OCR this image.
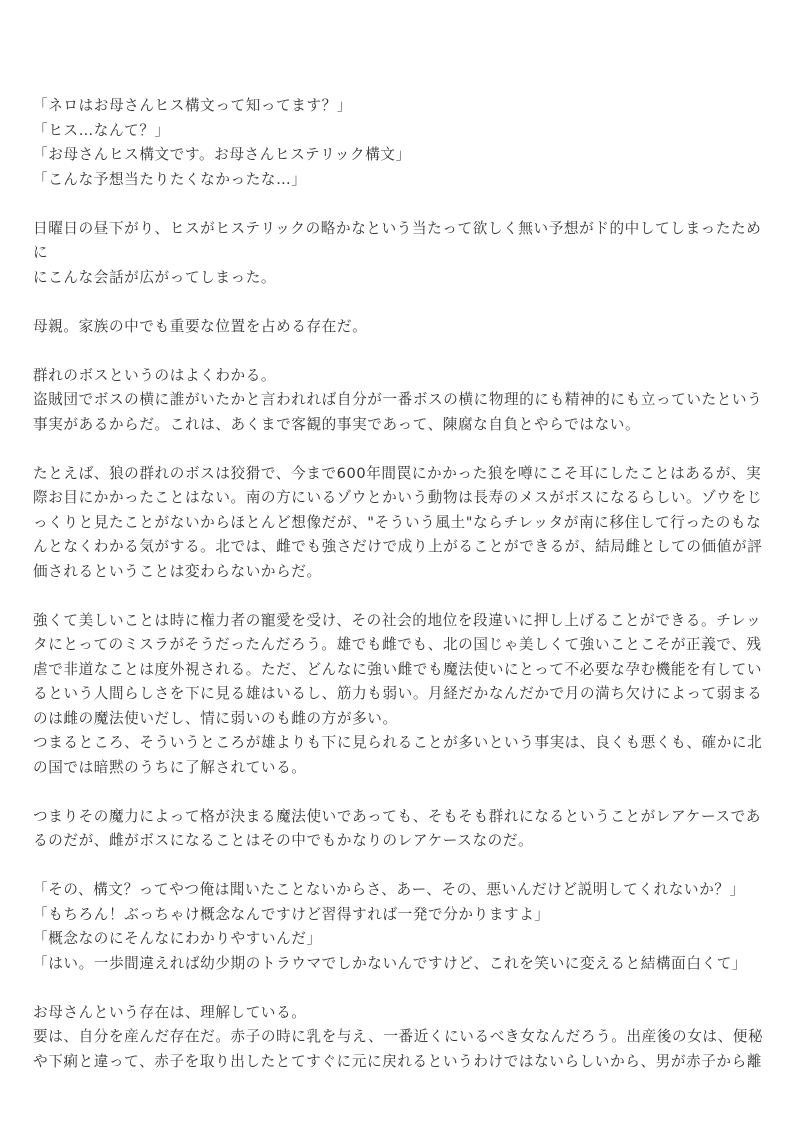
「ネロはお母さんヒス構文って知ってます？」
「ヒス…なんて？」
「お母さんヒス構文です。お母さんヒステリック構文」
「こんな予想当たりたくなかったな…」
日曜日の昼下がり、ヒスがヒステリックの略かなという当たって欲しく無い予想がド的中してしまったために
にこんな会話が広がってしまった。
母親。家族の中でも重要な位置を占める存在だ。
群れのボスというのはよくわかる。
盗賊団でボスの横に誰がいたかと言われれば自分が一番ボスの横に物理的にも精神的にも立っていたという
事実があるからだ。これは、あくまで客観的事実であって、陳腐な自負とやらではない。
たとえば、狼の群れのボスは狡猾で、今まで600年間罠にかかった狼を噂にこそ耳にしたことはあるが、実
際お目にかかったことはない。南の方にいるゾウとかいう動物は長寿のメスがボスになるらしい。ゾウをじ
っくりと見たことがないからほとんど想像だが、"そういう風土"ならチレッタが南に移住して行ったのもな
んとなくわかる気がする。北では、雌でも強さだけで成り上がることができるが、結局雌としての価値が評
価されるということは変わらないからだ。
強くて美しいことは時に権力者の寵愛を受け、その社会的地位を段違いに押し上げることができる。チレッ
タにとってのミスラがそうだったんだろう。雄でも雌でも、北の国じゃ美しくて強いことこそが正義で、残
虐で非道なことは度外視される。ただ、どんなに強い雌でも魔法使いにとって不必要な孕む機能を有してい
るという人間らしさを下に見る雄はいるし、筋力も弱い。月経だかなんだかで月の満ち欠けによって弱まる
のは雌の魔法使いだし、情に弱いのも雌の方が多い。
つまるところ、そういうところが雄よりも下に見られることが多いという事実は、良くも悪くも、確かに北
の国では暗黙のうちに了解されている。
つまりその魔力によって格が決まる魔法使いであっても、そもそも群れになるということがレアケースであ
るのだが、雌がボスになることはその中でもかなりのレアケースなのだ。
「その、構文？ってやつ俺は聞いたことないからさ、あー、その、悪いんだけど説明してくれないか？」
「もちろん！ぶっちゃけ概念なんですけど習得すれば一発で分かりますよ」
「概念なのにそんなにわかりやすいんだ」
「はい。一歩間違えれば幼少期のトラウマでしかないんですけど、これを笑いに変えると結構面白くて」
お母さんという存在は、理解している。
要は、自分を産んだ存在だ。赤子の時に乳を与え、一番近くにいるべき女なんだろう。出産後の女は、便秘
や下痢と違って、赤子を取り出したとてすぐに元に戻れるというわけではないらしいから、男が赤子から離
